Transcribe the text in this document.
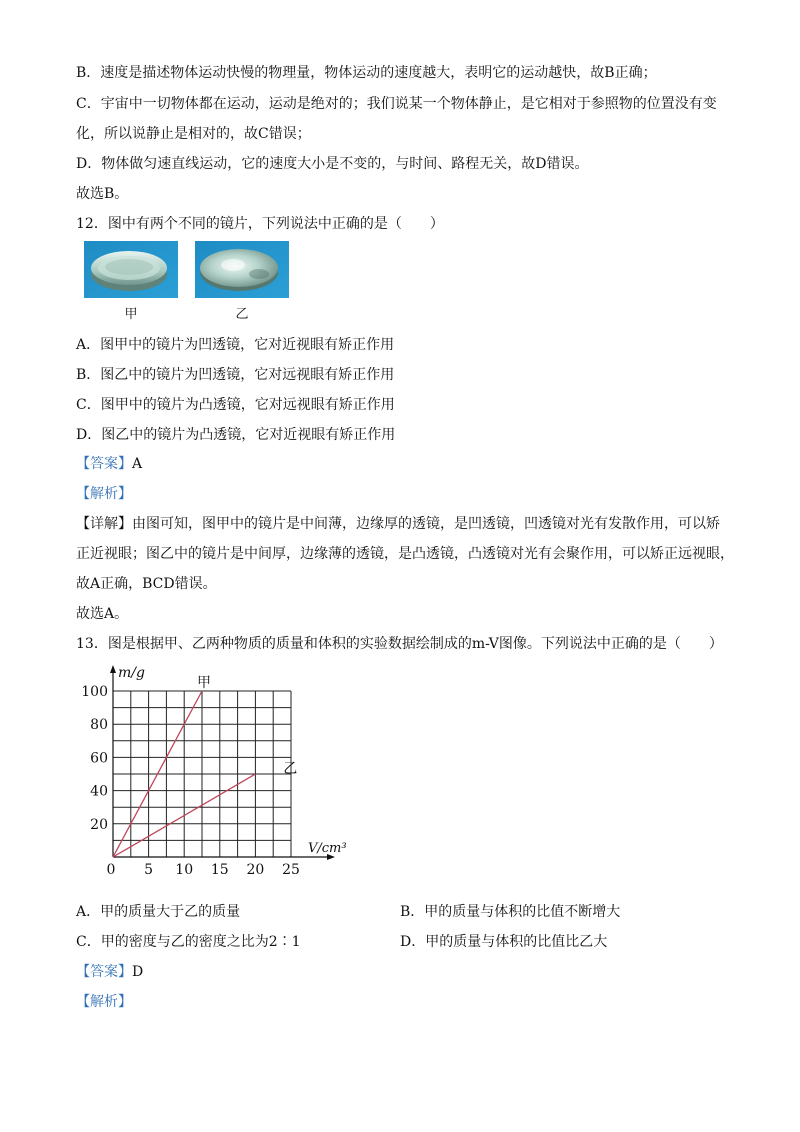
B．速度是描述物体运动快慢的物理量，物体运动的速度越大，表明它的运动越快，故B正确；
C．宇宙中一切物体都在运动，运动是绝对的；我们说某一个物体静止，是它相对于参照物的位置没有变
化，所以说静止是相对的，故C错误；
D．物体做匀速直线运动，它的速度大小是不变的，与时间、路程无关，故D错误。
故选B。
12．图中有两个不同的镜片，下列说法中正确的是（　　）
甲	乙
A．图甲中的镜片为凹透镜，它对近视眼有矫正作用
B．图乙中的镜片为凹透镜，它对远视眼有矫正作用
C．图甲中的镜片为凸透镜，它对远视眼有矫正作用
D．图乙中的镜片为凸透镜，它对近视眼有矫正作用
【答案】A
【解析】
【详解】由图可知，图甲中的镜片是中间薄，边缘厚的透镜，是凹透镜，凹透镜对光有发散作用，可以矫
正近视眼；图乙中的镜片是中间厚，边缘薄的透镜，是凸透镜，凸透镜对光有会聚作用，可以矫正远视眼，
故A正确，BCD错误。
故选A。
13．图是根据甲、乙两种物质的质量和体积的实验数据绘制成的m-V图像。下列说法中正确的是（　　）
0 5 10 15 20 25
20
40
60
80
100
m/g
V/cm³
甲
乙
A．甲的质量大于乙的质量	B．甲的质量与体积的比值不断增大
C．甲的密度与乙的密度之比为2∶1	D．甲的质量与体积的比值比乙大
【答案】D
【解析】
